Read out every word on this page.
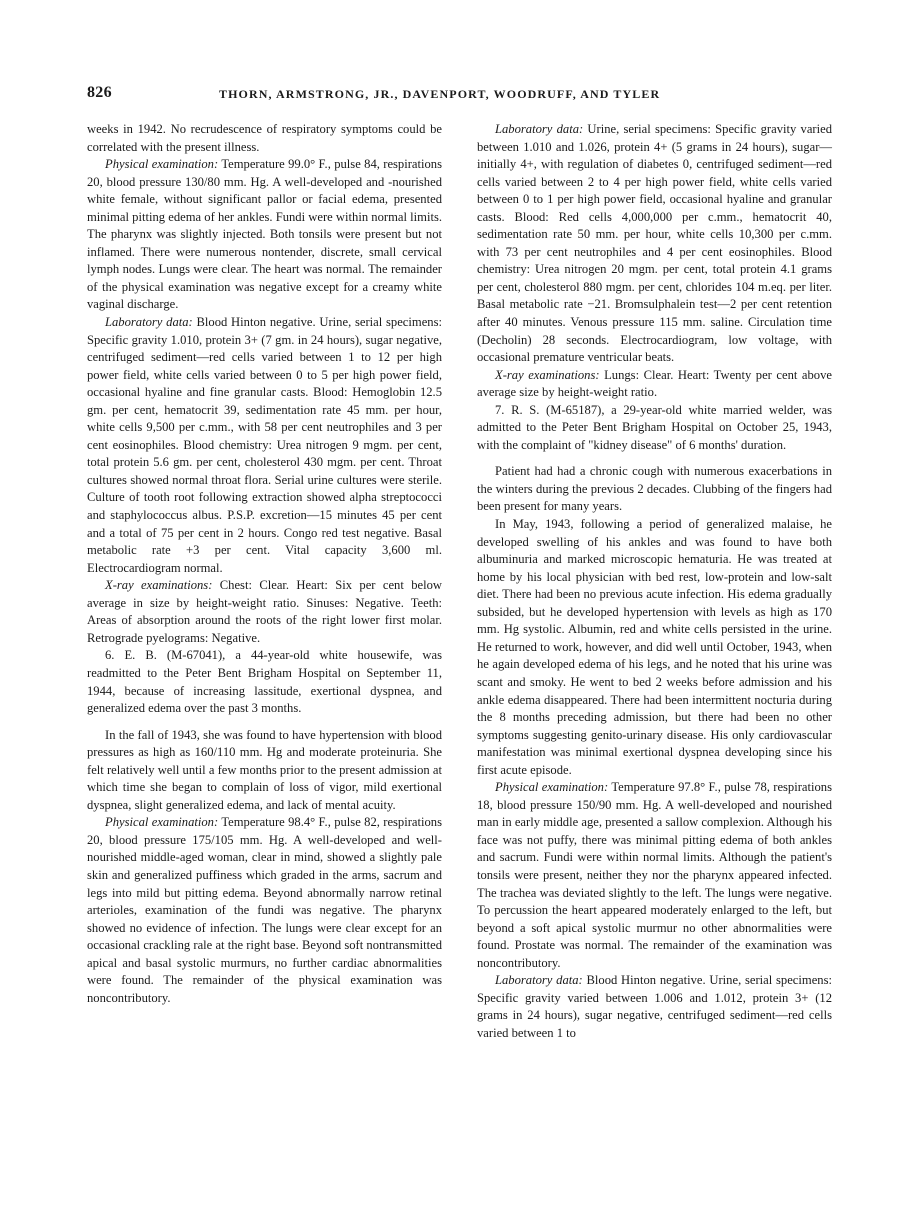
826	THORN, ARMSTRONG, JR., DAVENPORT, WOODRUFF, AND TYLER

weeks in 1942. No recrudescence of respiratory symptoms could be correlated with the present illness.

Physical examination: Temperature 99.0° F., pulse 84, respirations 20, blood pressure 130/80 mm. Hg. A well-developed and -nourished white female, without significant pallor or facial edema, presented minimal pitting edema of her ankles. Fundi were within normal limits. The pharynx was slightly injected. Both tonsils were present but not inflamed. There were numerous nontender, discrete, small cervical lymph nodes. Lungs were clear. The heart was normal. The remainder of the physical examination was negative except for a creamy white vaginal discharge.

Laboratory data: Blood Hinton negative. Urine, serial specimens: Specific gravity 1.010, protein 3+ (7 gm. in 24 hours), sugar negative, centrifuged sediment—red cells varied between 1 to 12 per high power field, white cells varied between 0 to 5 per high power field, occasional hyaline and fine granular casts. Blood: Hemoglobin 12.5 gm. per cent, hematocrit 39, sedimentation rate 45 mm. per hour, white cells 9,500 per c.mm., with 58 per cent neutrophiles and 3 per cent eosinophiles. Blood chemistry: Urea nitrogen 9 mgm. per cent, total protein 5.6 gm. per cent, cholesterol 430 mgm. per cent. Throat cultures showed normal throat flora. Serial urine cultures were sterile. Culture of tooth root following extraction showed alpha streptococci and staphylococcus albus. P.S.P. excretion—15 minutes 45 per cent and a total of 75 per cent in 2 hours. Congo red test negative. Basal metabolic rate +3 per cent. Vital capacity 3,600 ml. Electrocardiogram normal.

X-ray examinations: Chest: Clear. Heart: Six per cent below average in size by height-weight ratio. Sinuses: Negative. Teeth: Areas of absorption around the roots of the right lower first molar. Retrograde pyelograms: Negative.

6. E. B. (M-67041), a 44-year-old white housewife, was readmitted to the Peter Bent Brigham Hospital on September 11, 1944, because of increasing lassitude, exertional dyspnea, and generalized edema over the past 3 months.

In the fall of 1943, she was found to have hypertension with blood pressures as high as 160/110 mm. Hg and moderate proteinuria. She felt relatively well until a few months prior to the present admission at which time she began to complain of loss of vigor, mild exertional dyspnea, slight generalized edema, and lack of mental acuity.

Physical examination: Temperature 98.4° F., pulse 82, respirations 20, blood pressure 175/105 mm. Hg. A well-developed and well-nourished middle-aged woman, clear in mind, showed a slightly pale skin and generalized puffiness which graded in the arms, sacrum and legs into mild but pitting edema. Beyond abnormally narrow retinal arterioles, examination of the fundi was negative. The pharynx showed no evidence of infection. The lungs were clear except for an occasional crackling rale at the right base. Beyond soft nontransmitted apical and basal systolic murmurs, no further cardiac abnormalities were found. The remainder of the physical examination was noncontributory.

Laboratory data: Urine, serial specimens: Specific gravity varied between 1.010 and 1.026, protein 4+ (5 grams in 24 hours), sugar—initially 4+, with regulation of diabetes 0, centrifuged sediment—red cells varied between 2 to 4 per high power field, white cells varied between 0 to 1 per high power field, occasional hyaline and granular casts. Blood: Red cells 4,000,000 per c.mm., hematocrit 40, sedimentation rate 50 mm. per hour, white cells 10,300 per c.mm. with 73 per cent neutrophiles and 4 per cent eosinophiles. Blood chemistry: Urea nitrogen 20 mgm. per cent, total protein 4.1 grams per cent, cholesterol 880 mgm. per cent, chlorides 104 m.eq. per liter. Basal metabolic rate −21. Bromsulphalein test—2 per cent retention after 40 minutes. Venous pressure 115 mm. saline. Circulation time (Decholin) 28 seconds. Electrocardiogram, low voltage, with occasional premature ventricular beats.

X-ray examinations: Lungs: Clear. Heart: Twenty per cent above average size by height-weight ratio.

7. R. S. (M-65187), a 29-year-old white married welder, was admitted to the Peter Bent Brigham Hospital on October 25, 1943, with the complaint of "kidney disease" of 6 months' duration.

Patient had had a chronic cough with numerous exacerbations in the winters during the previous 2 decades. Clubbing of the fingers had been present for many years.

In May, 1943, following a period of generalized malaise, he developed swelling of his ankles and was found to have both albuminuria and marked microscopic hematuria. He was treated at home by his local physician with bed rest, low-protein and low-salt diet. There had been no previous acute infection. His edema gradually subsided, but he developed hypertension with levels as high as 170 mm. Hg systolic. Albumin, red and white cells persisted in the urine. He returned to work, however, and did well until October, 1943, when he again developed edema of his legs, and he noted that his urine was scant and smoky. He went to bed 2 weeks before admission and his ankle edema disappeared. There had been intermittent nocturia during the 8 months preceding admission, but there had been no other symptoms suggesting genito-urinary disease. His only cardiovascular manifestation was minimal exertional dyspnea developing since his first acute episode.

Physical examination: Temperature 97.8° F., pulse 78, respirations 18, blood pressure 150/90 mm. Hg. A well-developed and nourished man in early middle age, presented a sallow complexion. Although his face was not puffy, there was minimal pitting edema of both ankles and sacrum. Fundi were within normal limits. Although the patient's tonsils were present, neither they nor the pharynx appeared infected. The trachea was deviated slightly to the left. The lungs were negative. To percussion the heart appeared moderately enlarged to the left, but beyond a soft apical systolic murmur no other abnormalities were found. Prostate was normal. The remainder of the examination was noncontributory.

Laboratory data: Blood Hinton negative. Urine, serial specimens: Specific gravity varied between 1.006 and 1.012, protein 3+ (12 grams in 24 hours), sugar negative, centrifuged sediment—red cells varied between 1 to
